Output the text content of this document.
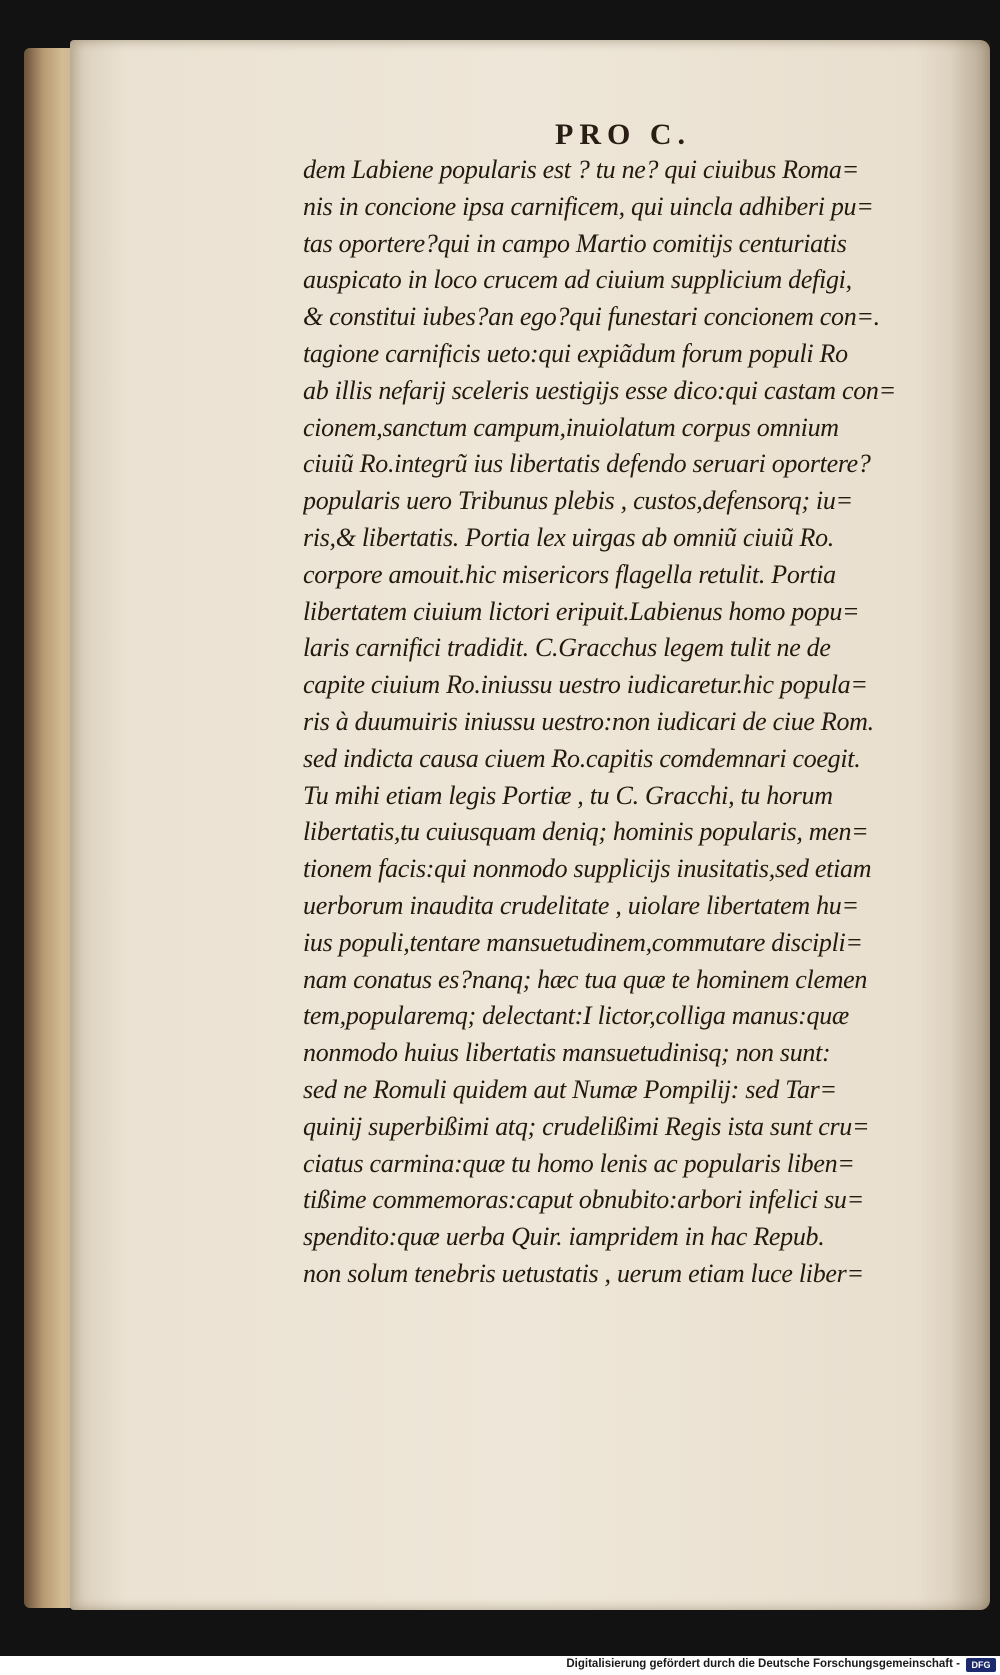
PRO C.
dem Labiene popularis est ? tu ne? qui ciuibus Roma=
nis in concione ipsa carnificem, qui uincla adhiberi pu=
tas oportere?qui in campo Martio comitijs centuriatis
auspicato in loco crucem ad ciuium supplicium defigi,
& constitui iubes?an ego?qui funestari concionem con=.
tagione carnificis ueto:qui expiãdum forum populi Ro
ab illis nefarij sceleris uestigijs esse dico:qui castam con=
cionem,sanctum campum,inuiolatum corpus omnium
ciuiũ Ro.integrũ ius libertatis defendo seruari oportere?
popularis uero Tribunus plebis , custos,defensorq; iu=
ris,& libertatis. Portia lex uirgas ab omniũ ciuiũ Ro.
corpore amouit.hic misericors flagella retulit. Portia
libertatem ciuium lictori eripuit.Labienus homo popu=
laris carnifici tradidit. C.Gracchus legem tulit ne de
capite ciuium Ro.iniussu uestro iudicaretur.hic popula=
ris à duumuiris iniussu uestro:non iudicari de ciue Rom.
sed indicta causa ciuem Ro.capitis comdemnari coegit.
Tu mihi etiam legis Portiæ , tu C. Gracchi, tu horum
libertatis,tu cuiusquam deniq; hominis popularis, men=
tionem facis:qui nonmodo supplicijs inusitatis,sed etiam
uerborum inaudita crudelitate , uiolare libertatem hu=
ius populi,tentare mansuetudinem,commutare discipli=
nam conatus es?nanq; hæc tua quæ te hominem clemen
tem,popularemq; delectant:I lictor,colliga manus:quæ
nonmodo huius libertatis mansuetudinisq; non sunt:
sed ne Romuli quidem aut Numæ Pompilij: sed Tar=
quinij superbißimi atq; crudelißimi Regis ista sunt cru=
ciatus carmina:quæ tu homo lenis ac popularis liben=
tißime commemoras:caput obnubito:arbori infelici su=
spendito:quæ uerba Quir. iampridem in hac Repub.
non solum tenebris uetustatis , uerum etiam luce liber=
Digitalisierung gefördert durch die Deutsche Forschungsgemeinschaft -	DFG
